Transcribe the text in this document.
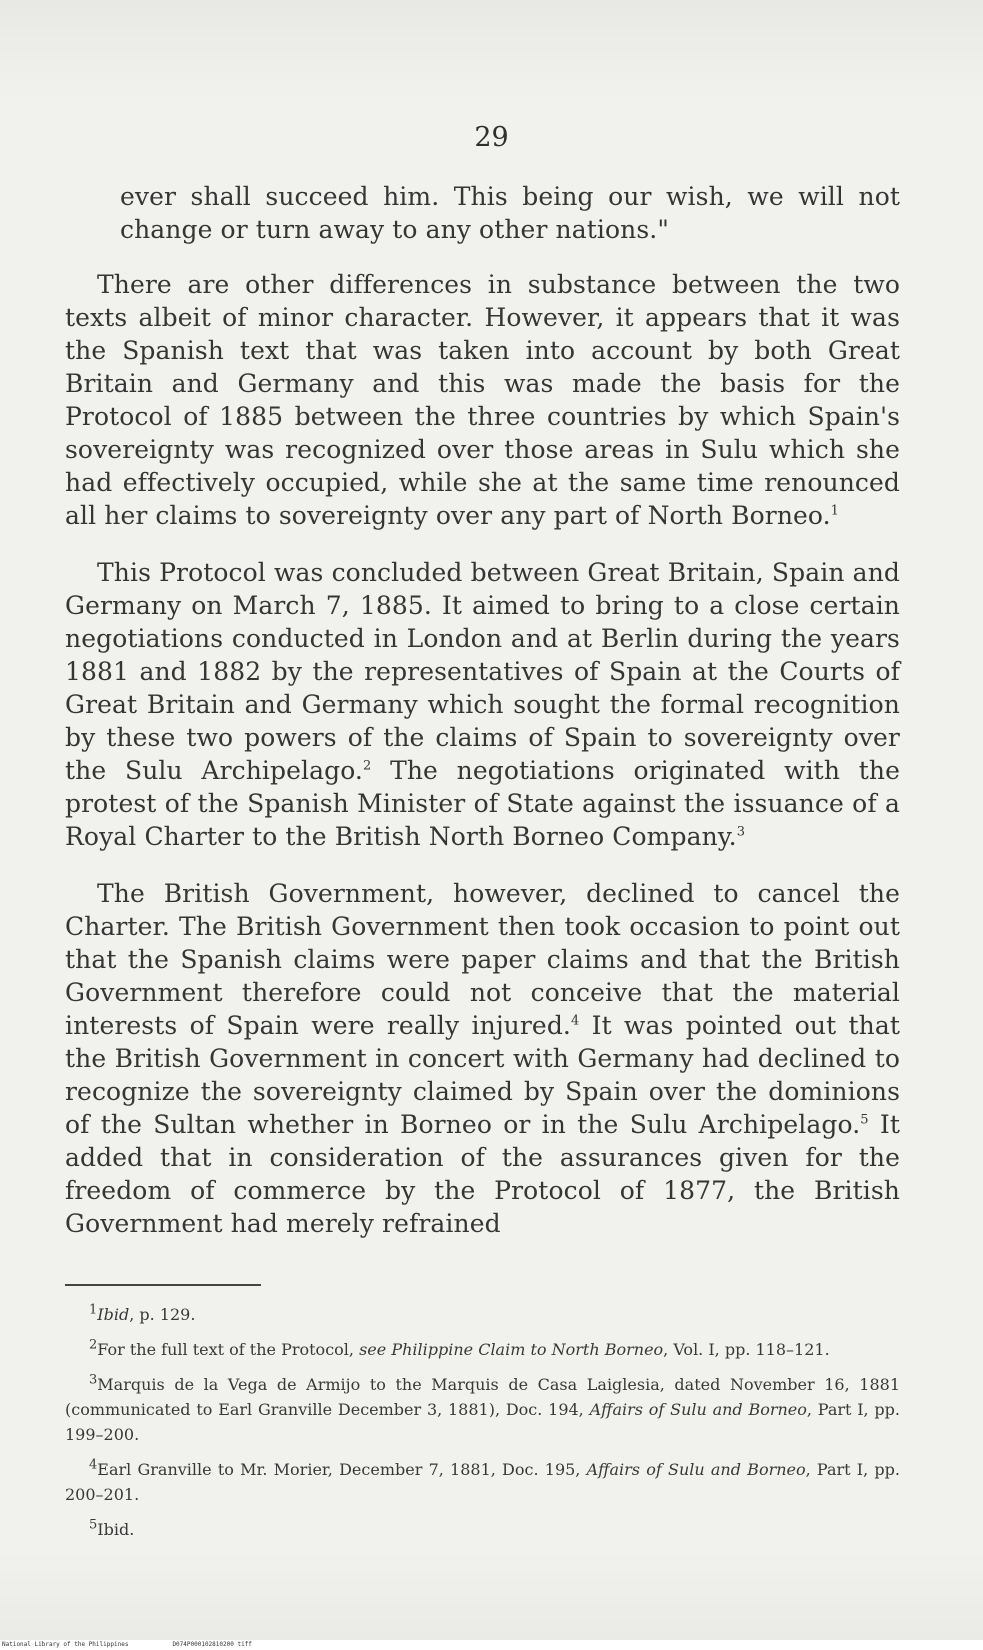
29

ever shall succeed him. This being our wish, we will not change or turn away to any other nations."

There are other differences in substance between the two texts albeit of minor character. However, it appears that it was the Spanish text that was taken into account by both Great Britain and Germany and this was made the basis for the Protocol of 1885 between the three countries by which Spain's sovereignty was recognized over those areas in Sulu which she had effectively occupied, while she at the same time renounced all her claims to sovereignty over any part of North Borneo.$^1$

This Protocol was concluded between Great Britain, Spain and Germany on March 7, 1885. It aimed to bring to a close certain negotiations conducted in London and at Berlin during the years 1881 and 1882 by the representatives of Spain at the Courts of Great Britain and Germany which sought the formal recognition by these two powers of the claims of Spain to sovereignty over the Sulu Archipelago.$^2$ The negotiations originated with the protest of the Spanish Minister of State against the issuance of a Royal Charter to the British North Borneo Company.$^3$

The British Government, however, declined to cancel the Charter. The British Government then took occasion to point out that the Spanish claims were paper claims and that the British Government therefore could not conceive that the material interests of Spain were really injured.$^4$ It was pointed out that the British Government in concert with Germany had declined to recognize the sovereignty claimed by Spain over the dominions of the Sultan whether in Borneo or in the Sulu Archipelago.$^5$ It added that in consideration of the assurances given for the freedom of commerce by the Protocol of 1877, the British Government had merely refrained

$^1$Ibid, p. 129.

$^2$For the full text of the Protocol, see Philippine Claim to North Borneo, Vol. I, pp. 118–121.

$^3$Marquis de la Vega de Armijo to the Marquis de Casa Laiglesia, dated November 16, 1881 (communicated to Earl Granville December 3, 1881), Doc. 194, Affairs of Sulu and Borneo, Part I, pp. 199–200.

$^4$Earl Granville to Mr. Morier, December 7, 1881, Doc. 195, Affairs of Sulu and Borneo, Part I, pp. 200–201.

$^5$Ibid.

National Library of the Philippines	D074P000102810200 tiff
